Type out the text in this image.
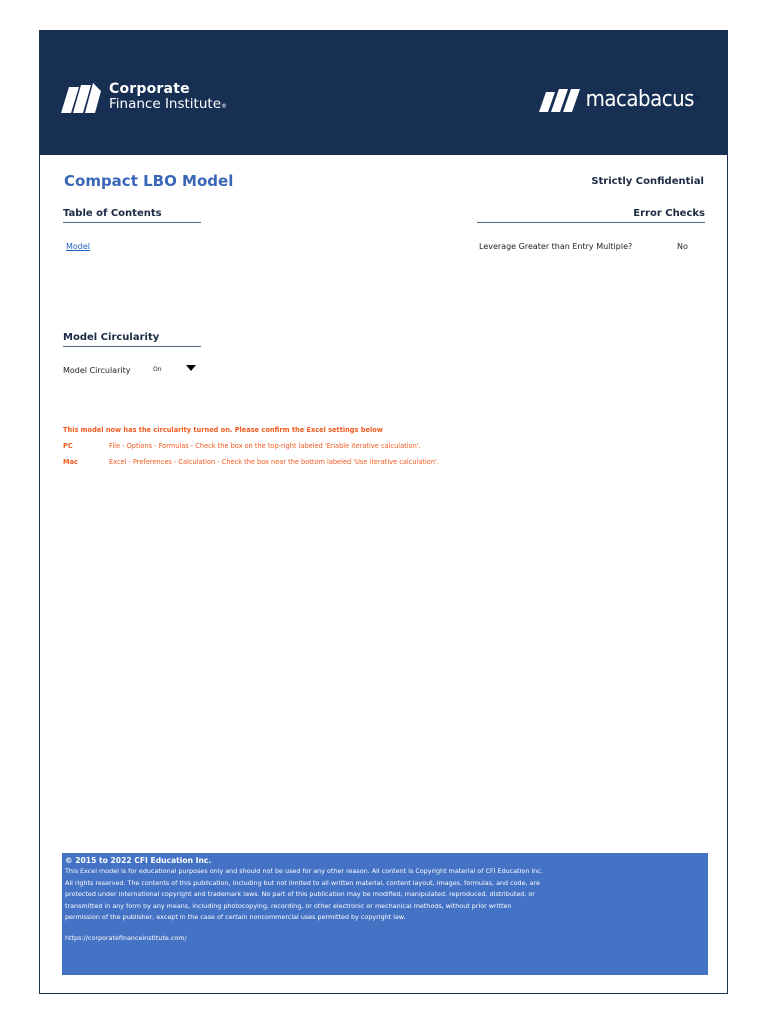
Corporate
Finance Institute®	macabacus ™
Compact LBO Model	Strictly Confidential
Table of Contents	Error Checks
Model	Leverage Greater than Entry Multiple?	No
Model Circularity
Model Circularity	On
This model now has the circularity turned on. Please confirm the Excel settings below
PC	File - Options - Formulas - Check the box on the top-right labeled 'Enable iterative calculation'.
Mac	Excel - Preferences - Calculation - Check the box near the bottom labeled 'Use iterative calculation'.
© 2015 to 2022 CFI Education Inc.
This Excel model is for educational purposes only and should not be used for any other reason. All content is Copyright material of CFI Education Inc.
All rights reserved. The contents of this publication, including but not limited to all written material, content layout, images, formulas, and code, are
protected under international copyright and trademark laws. No part of this publication may be modified, manipulated, reproduced, distributed, or
transmitted in any form by any means, including photocopying, recording, or other electronic or mechanical methods, without prior written
permission of the publisher, except in the case of certain noncommercial uses permitted by copyright law.
https://corporatefinanceinstitute.com/
